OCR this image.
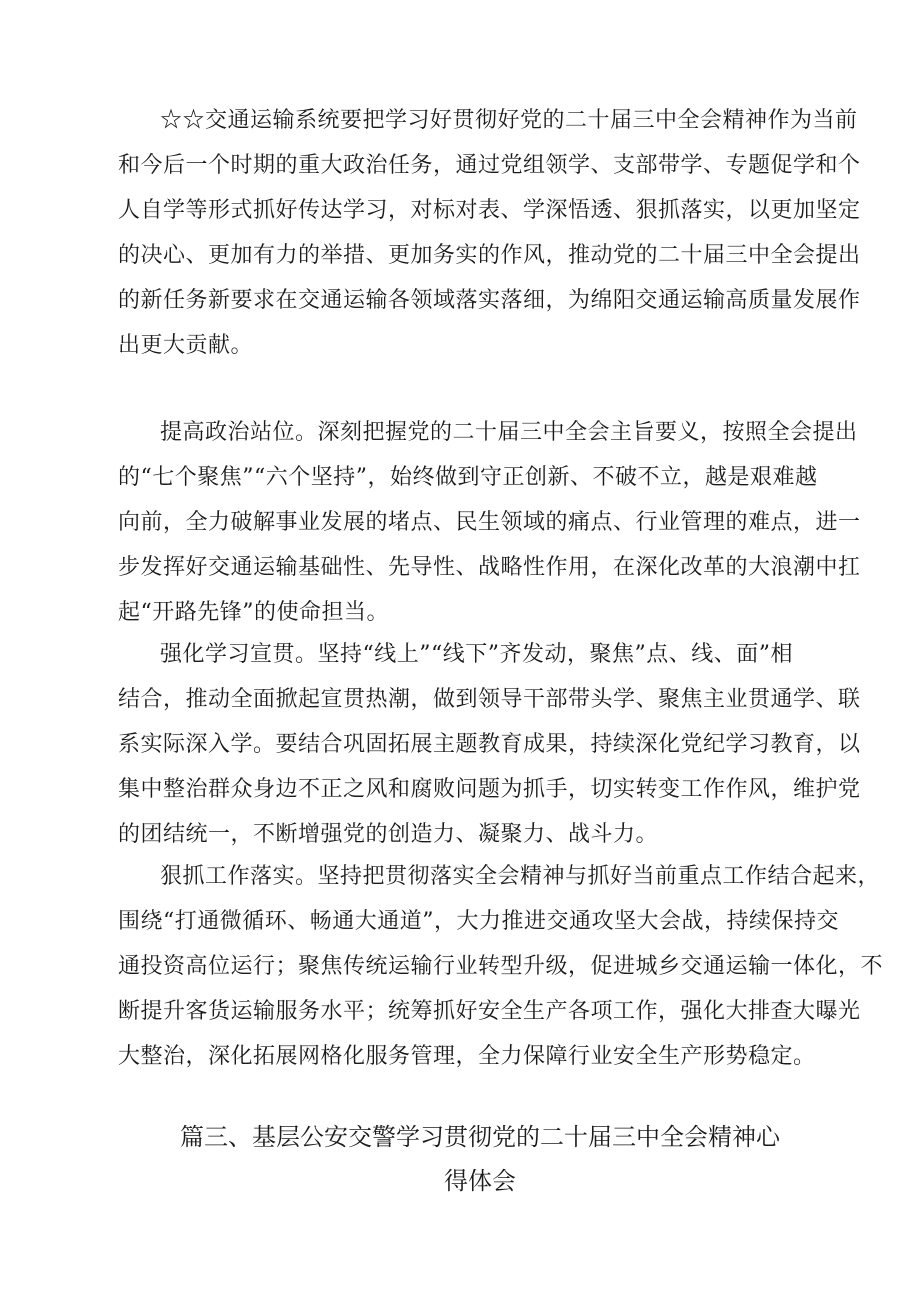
☆☆交通运输系统要把学习好贯彻好党的二十届三中全会精神作为当前
和今后一个时期的重大政治任务，通过党组领学、支部带学、专题促学和个
人自学等形式抓好传达学习，对标对表、学深悟透、狠抓落实，以更加坚定
的决心、更加有力的举措、更加务实的作风，推动党的二十届三中全会提出
的新任务新要求在交通运输各领域落实落细，为绵阳交通运输高质量发展作
出更大贡献。
提高政治站位。深刻把握党的二十届三中全会主旨要义，按照全会提出
的“七个聚焦”“六个坚持”，始终做到守正创新、不破不立，越是艰难越
向前，全力破解事业发展的堵点、民生领域的痛点、行业管理的难点，进一
步发挥好交通运输基础性、先导性、战略性作用，在深化改革的大浪潮中扛
起“开路先锋”的使命担当。
强化学习宣贯。坚持“线上”“线下”齐发动，聚焦”点、线、面”相
结合，推动全面掀起宣贯热潮，做到领导干部带头学、聚焦主业贯通学、联
系实际深入学。要结合巩固拓展主题教育成果，持续深化党纪学习教育，以
集中整治群众身边不正之风和腐败问题为抓手，切实转变工作作风，维护党
的团结统一，不断增强党的创造力、凝聚力、战斗力。
狠抓工作落实。坚持把贯彻落实全会精神与抓好当前重点工作结合起来，
围绕“打通微循环、畅通大通道”，大力推进交通攻坚大会战，持续保持交
通投资高位运行；聚焦传统运输行业转型升级，促进城乡交通运输一体化，不
断提升客货运输服务水平；统筹抓好安全生产各项工作，强化大排查大曝光
大整治，深化拓展网格化服务管理，全力保障行业安全生产形势稳定。
篇三、基层公安交警学习贯彻党的二十届三中全会精神心
得体会
